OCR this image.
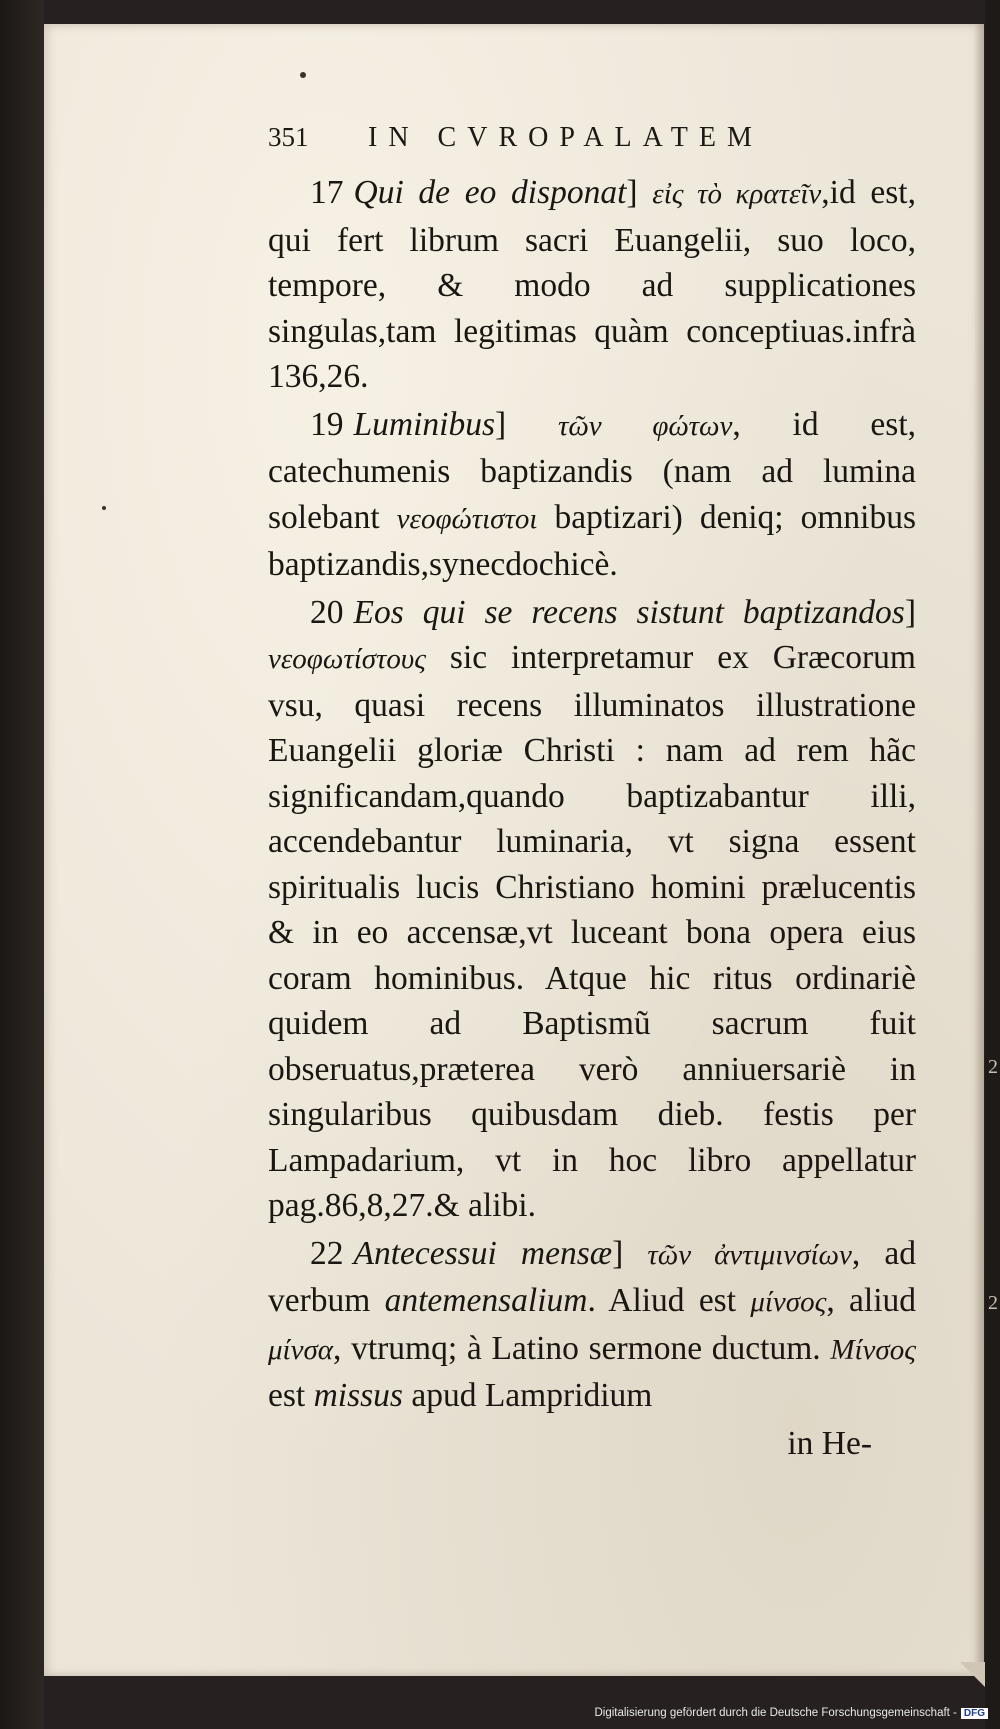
351 IN CVROPALATEM

17 Qui de eo disponat] εἰς τὸ κρατεῖν,id est, qui fert librum sacri Euangelii, suo loco, tempore, & modo ad supplicationes singulas,tam legitimas quàm conceptiuas.infrà 136,26.

19 Luminibus] τῶν φώτων, id est, catechumenis baptizandis (nam ad lumina solebant νεοφώτιστοι baptizari) deniq; omnibus baptizandis,synecdochicè.

20 Eos qui se recens sistunt baptizandos] νεοφωτίστους sic interpretamur ex Græcorum vsu, quasi recens illuminatos illustratione Euangelii gloriæ Christi : nam ad rem hãc significandam,quando baptizabantur illi, accendebantur luminaria, vt signa essent spiritualis lucis Christiano homini prælucentis & in eo accensæ,vt luceant bona opera eius coram hominibus. Atque hic ritus ordinariè quidem ad Baptismũ sacrum fuit obseruatus,præterea verò anniuersariè in singularibus quibusdam dieb. festis per Lampadarium, vt in hoc libro appellatur pag.86,8,27.& alibi.

22 Antecessui mensæ] τῶν ἀντιμινσίων, ad verbum antemensalium. Aliud est μίνσος, aliud μίνσα, vtrumq; à Latino sermone ductum. Μίνσος est missus apud Lampridium

in He-

2
2
Digitalisierung gefördert durch die Deutsche Forschungsgemeinschaft - DFG
